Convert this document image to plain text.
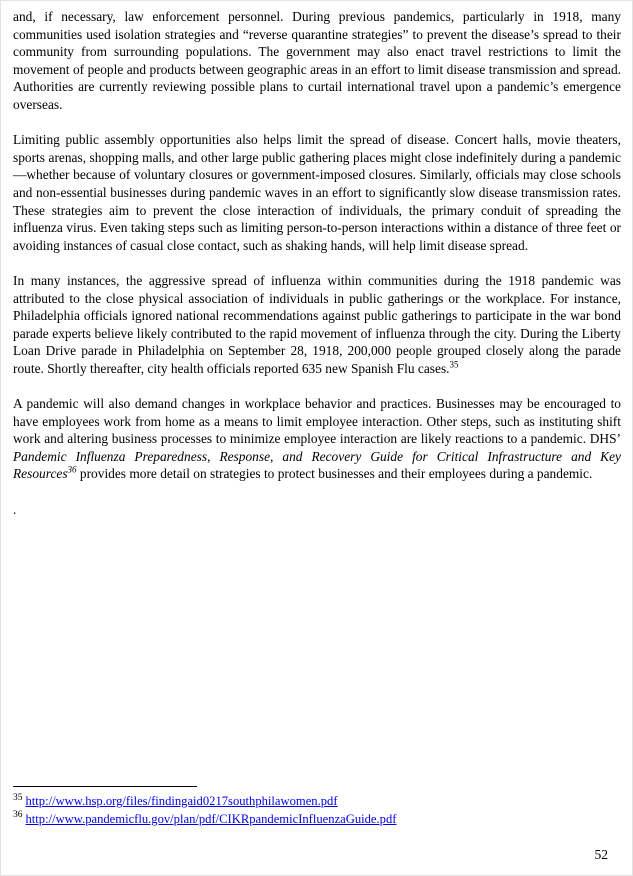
and, if necessary, law enforcement personnel. During previous pandemics, particularly in 1918, many communities used isolation strategies and “reverse quarantine strategies” to prevent the disease’s spread to their community from surrounding populations. The government may also enact travel restrictions to limit the movement of people and products between geographic areas in an effort to limit disease transmission and spread. Authorities are currently reviewing possible plans to curtail international travel upon a pandemic’s emergence overseas.

Limiting public assembly opportunities also helps limit the spread of disease. Concert halls, movie theaters, sports arenas, shopping malls, and other large public gathering places might close indefinitely during a pandemic—whether because of voluntary closures or government-imposed closures. Similarly, officials may close schools and non-essential businesses during pandemic waves in an effort to significantly slow disease transmission rates. These strategies aim to prevent the close interaction of individuals, the primary conduit of spreading the influenza virus. Even taking steps such as limiting person-to-person interactions within a distance of three feet or avoiding instances of casual close contact, such as shaking hands, will help limit disease spread.

In many instances, the aggressive spread of influenza within communities during the 1918 pandemic was attributed to the close physical association of individuals in public gatherings or the workplace. For instance, Philadelphia officials ignored national recommendations against public gatherings to participate in the war bond parade experts believe likely contributed to the rapid movement of influenza through the city. During the Liberty Loan Drive parade in Philadelphia on September 28, 1918, 200,000 people grouped closely along the parade route. Shortly thereafter, city health officials reported 635 new Spanish Flu cases.$^{35}$

A pandemic will also demand changes in workplace behavior and practices. Businesses may be encouraged to have employees work from home as a means to limit employee interaction. Other steps, such as instituting shift work and altering business processes to minimize employee interaction are likely reactions to a pandemic. DHS’ Pandemic Influenza Preparedness, Response, and Recovery Guide for Critical Infrastructure and Key Resources$^{36}$ provides more detail on strategies to protect businesses and their employees during a pandemic.

.

$^{35}$ http://www.hsp.org/files/findingaid0217southphilawomen.pdf
$^{36}$ http://www.pandemicflu.gov/plan/pdf/CIKRpandemicInfluenzaGuide.pdf
52
